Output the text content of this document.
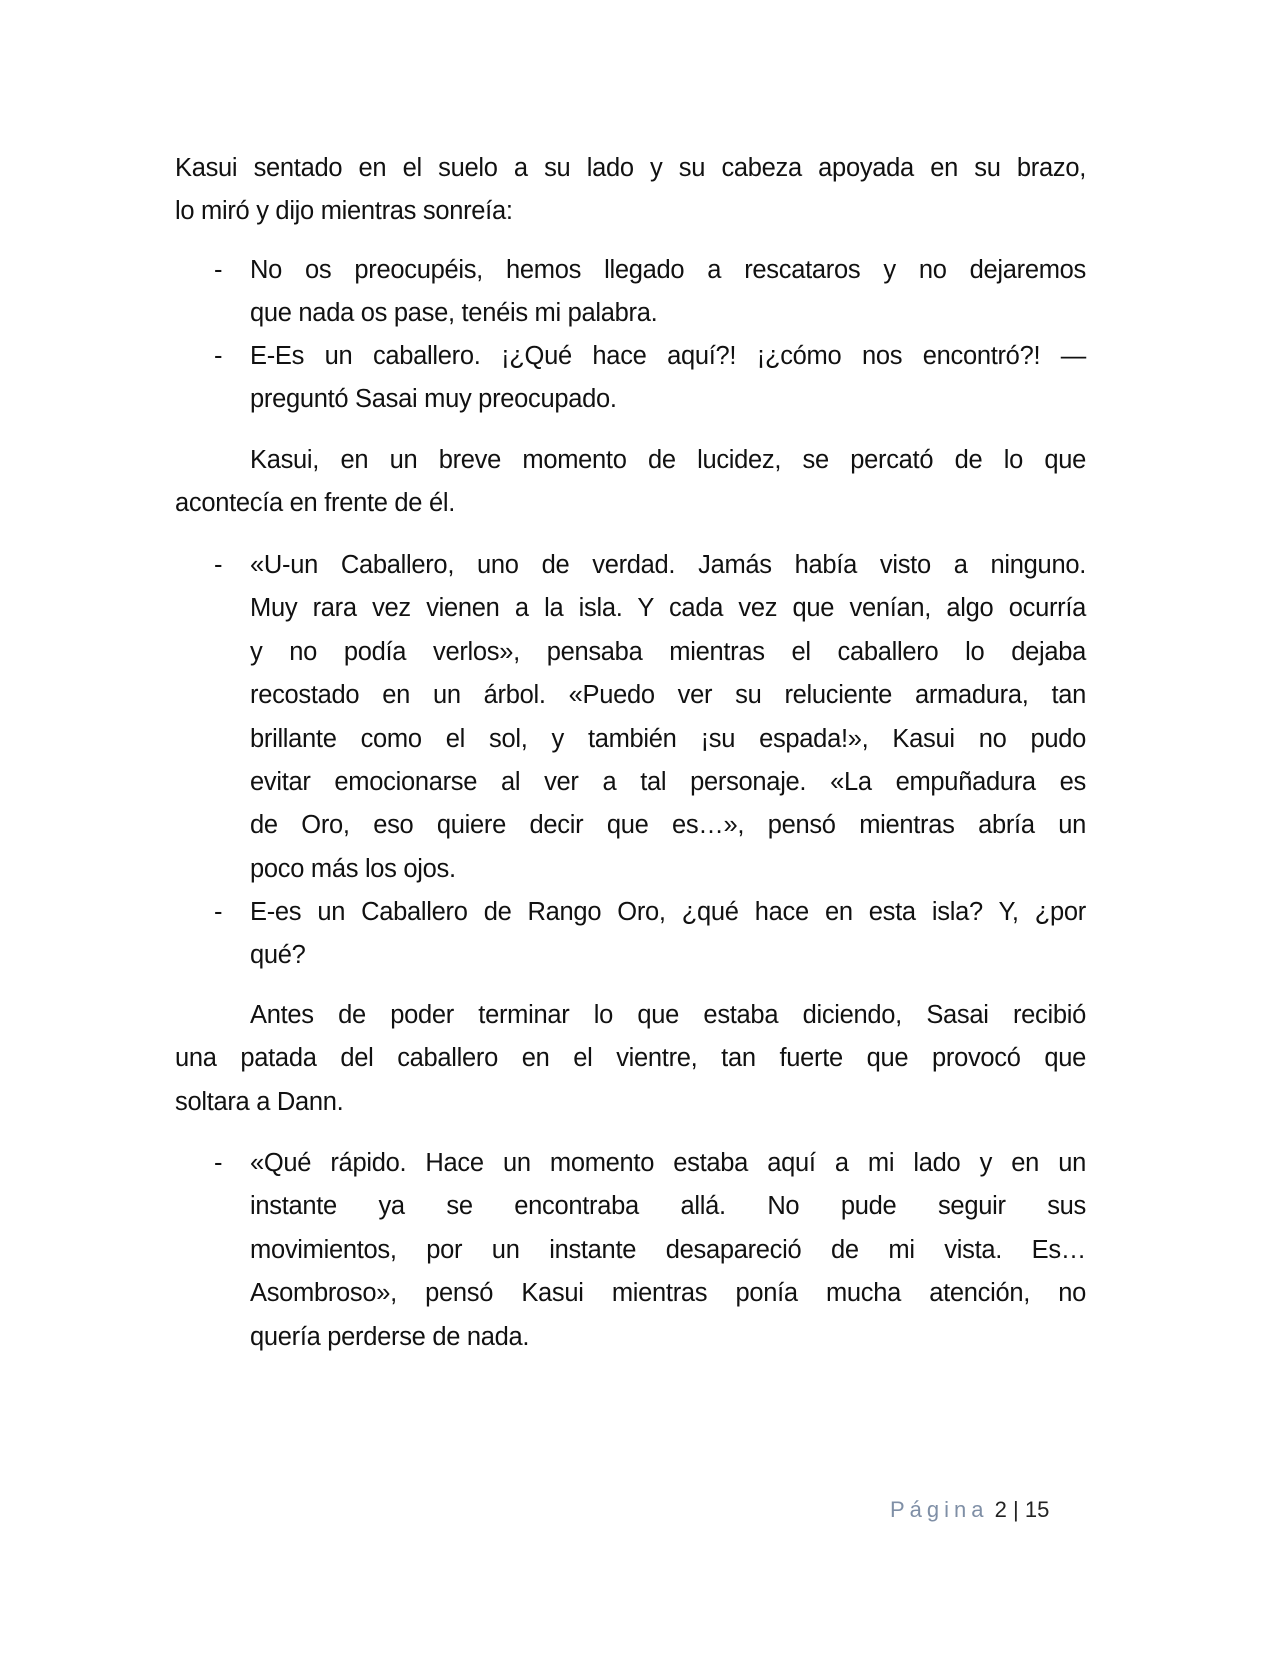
Kasui sentado en el suelo a su lado y su cabeza apoyada en su brazo,
lo miró y dijo mientras sonreía:
- No os preocupéis, hemos llegado a rescataros y no dejaremos
que nada os pase, tenéis mi palabra.
- E-Es un caballero. ¡¿Qué hace aquí?! ¡¿cómo nos encontró?! —
preguntó Sasai muy preocupado.
Kasui, en un breve momento de lucidez, se percató de lo que
acontecía en frente de él.
- «U-un Caballero, uno de verdad. Jamás había visto a ninguno.
Muy rara vez vienen a la isla. Y cada vez que venían, algo ocurría
y no podía verlos», pensaba mientras el caballero lo dejaba
recostado en un árbol. «Puedo ver su reluciente armadura, tan
brillante como el sol, y también ¡su espada!», Kasui no pudo
evitar emocionarse al ver a tal personaje. «La empuñadura es
de Oro, eso quiere decir que es…», pensó mientras abría un
poco más los ojos.
- E-es un Caballero de Rango Oro, ¿qué hace en esta isla? Y, ¿por
qué?
Antes de poder terminar lo que estaba diciendo, Sasai recibió
una patada del caballero en el vientre, tan fuerte que provocó que
soltara a Dann.
- «Qué rápido. Hace un momento estaba aquí a mi lado y en un
instante ya se encontraba allá. No pude seguir sus
movimientos, por un instante desapareció de mi vista. Es…
Asombroso», pensó Kasui mientras ponía mucha atención, no
quería perderse de nada.
Página 2 | 15
